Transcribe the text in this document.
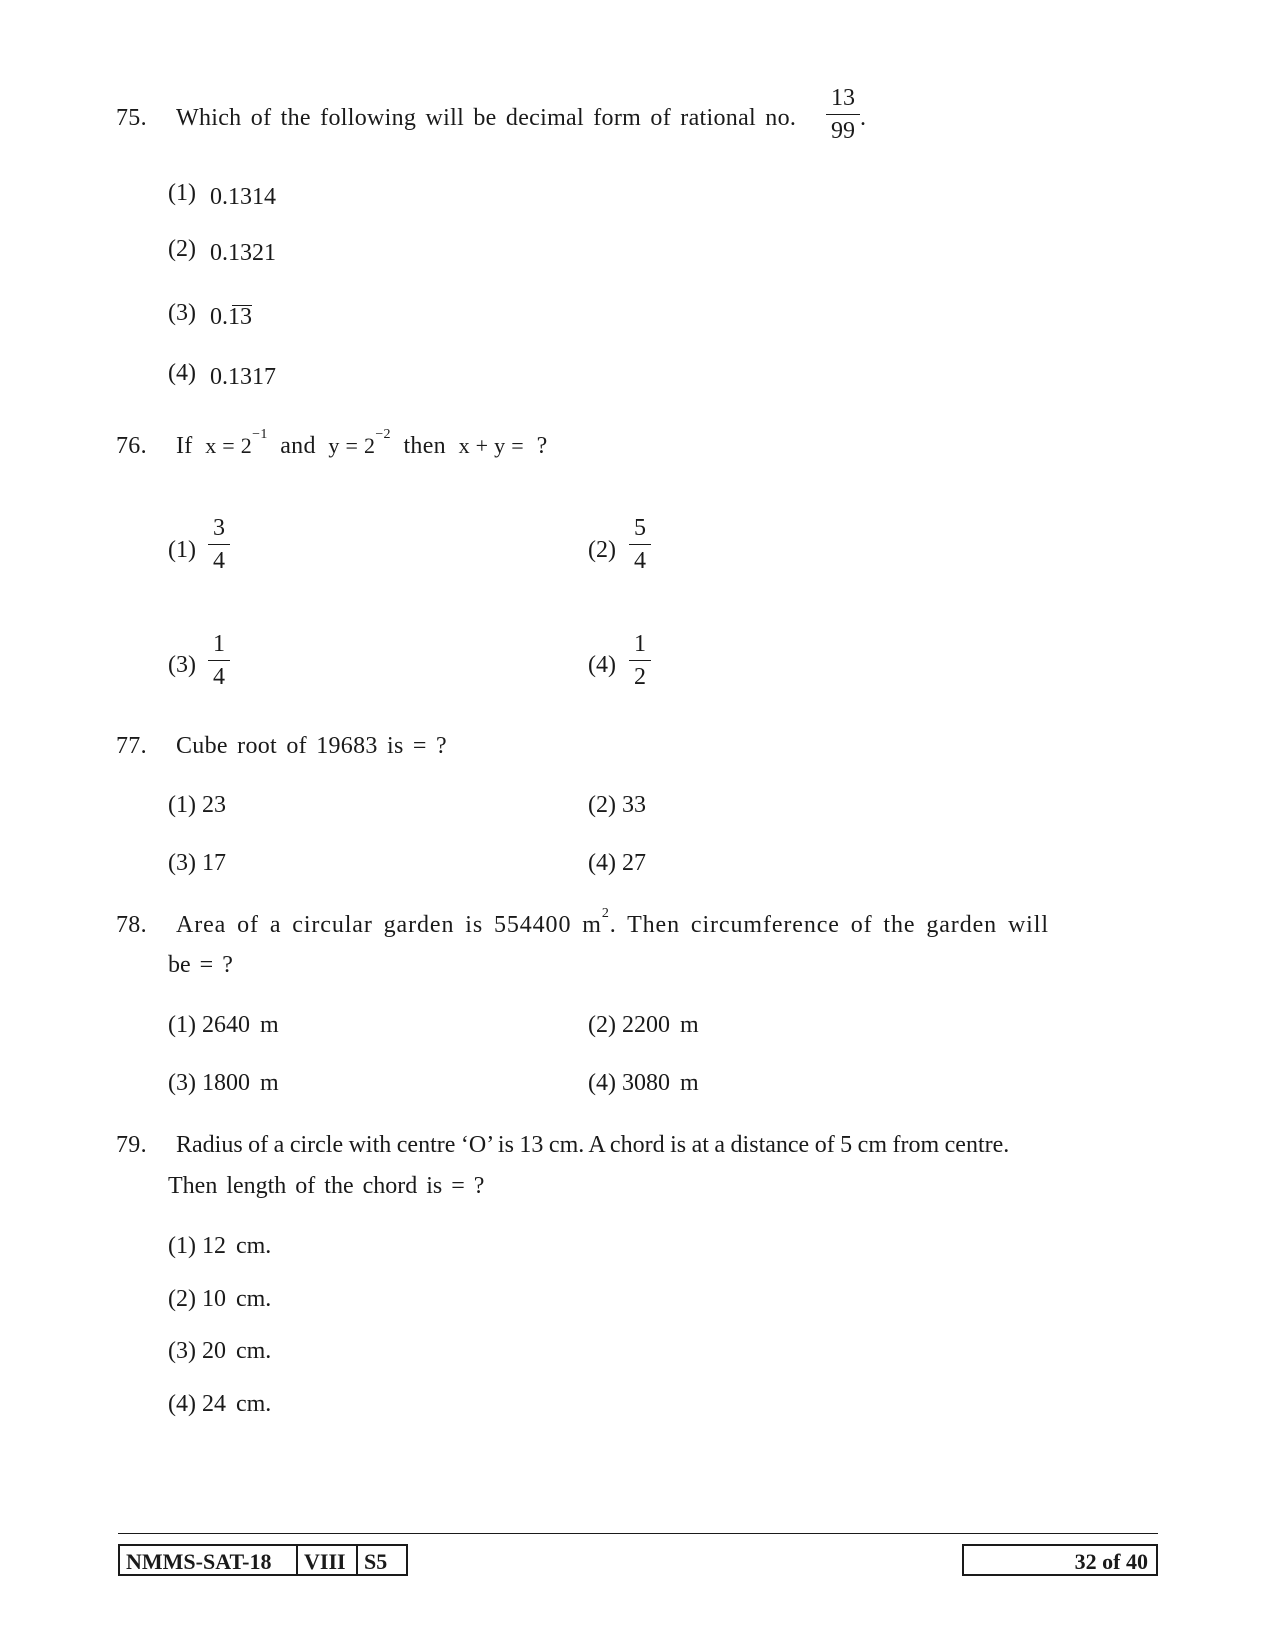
75. Which of the following will be decimal form of rational no.
13
99 .
(1) 0.1314
(2) 0.1321
(3) 0.13
(4) 0.1317
76. If $x = 2^{-1}$ and $y = 2^{-2}$ then x + y = ?
(1)
3
4	(2)
5
4
(3)
1
4	(4)
1
2
77. Cube root of 19683 is = ?
(1) 23	(2) 33
(3) 17	(4) 27
78. Area of a circular garden is 554400 $m^2$. Then circumference of the garden will
be = ?
(1) 2640 m	(2) 2200 m
(3) 1800 m	(4) 3080 m
79. Radius of a circle with centre ‘O’ is 13 cm. A chord is at a distance of 5 cm from centre.
Then length of the chord is = ?
(1) 12 cm.
(2) 10 cm.
(3) 20 cm.
(4) 24 cm.
NMMS-SAT-18	VIII S5	32 of 40
